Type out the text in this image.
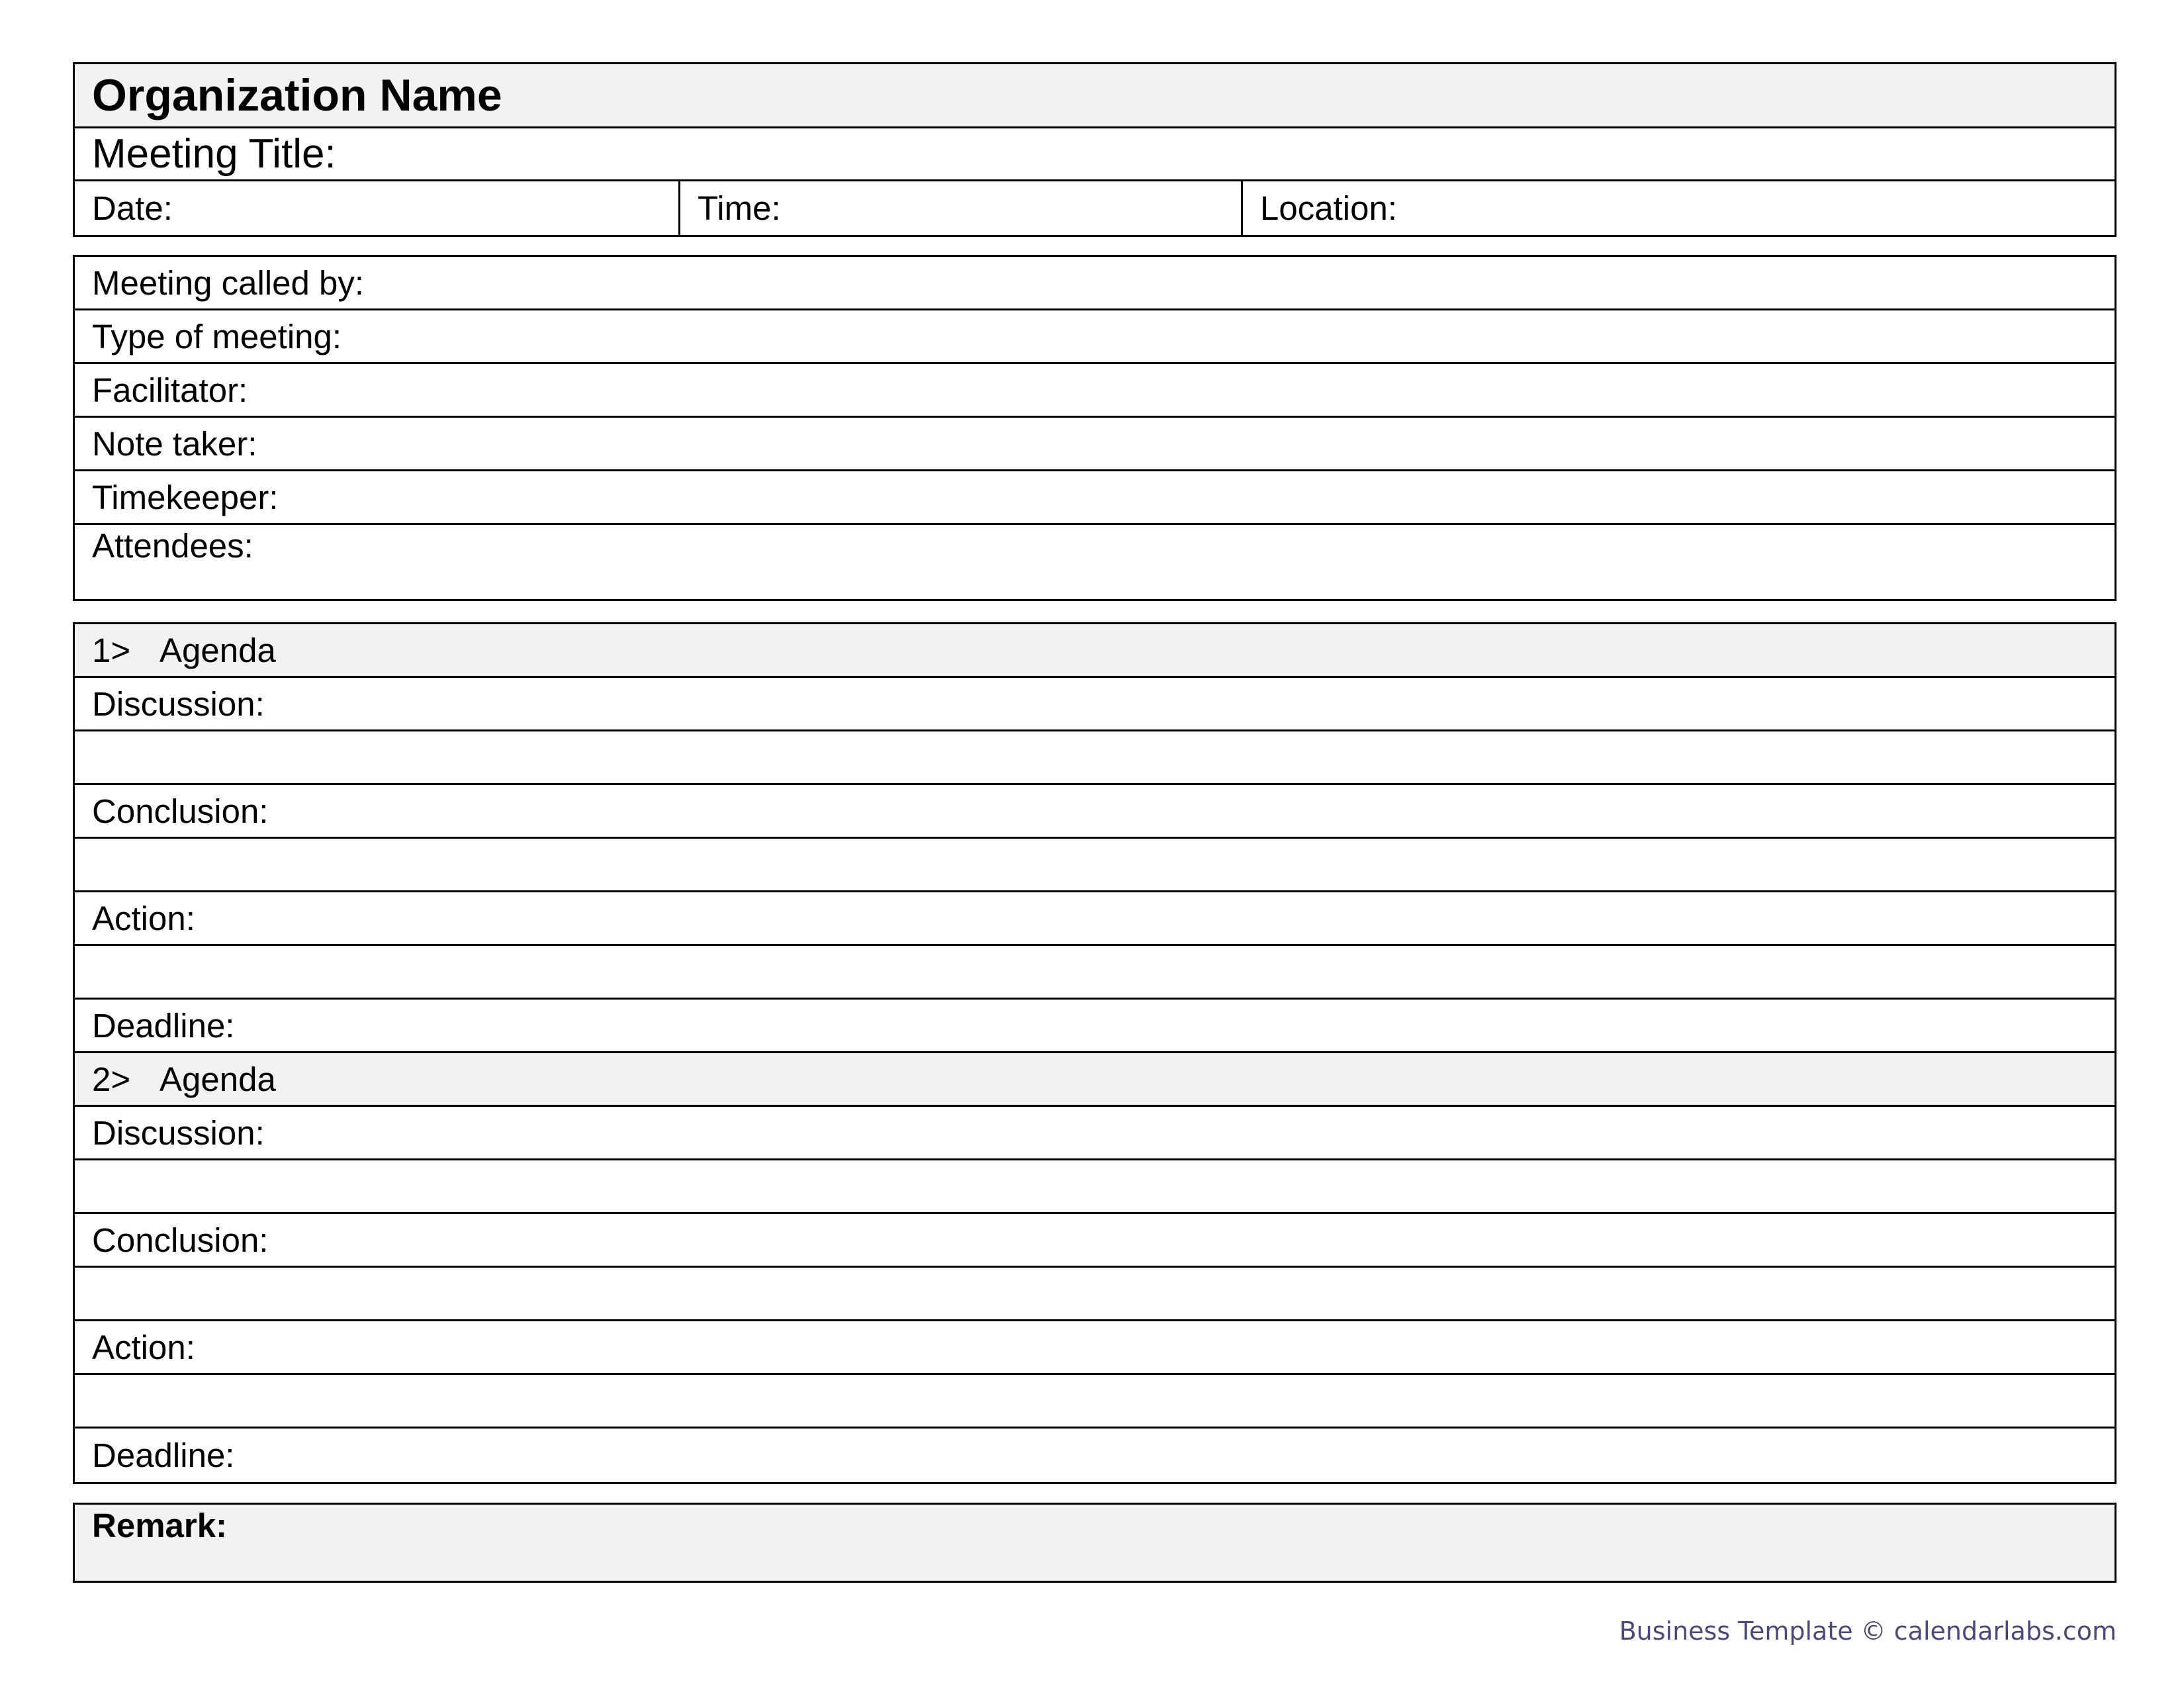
Organization Name
Meeting Title:
Date:	Time:	Location:
Meeting called by:
Type of meeting:
Facilitator:
Note taker:
Timekeeper:
Attendees:
1> Agenda
Discussion:
Conclusion:
Action:
Deadline:
2> Agenda
Discussion:
Conclusion:
Action:
Deadline:
Remark:
Business Template © calendarlabs.com
